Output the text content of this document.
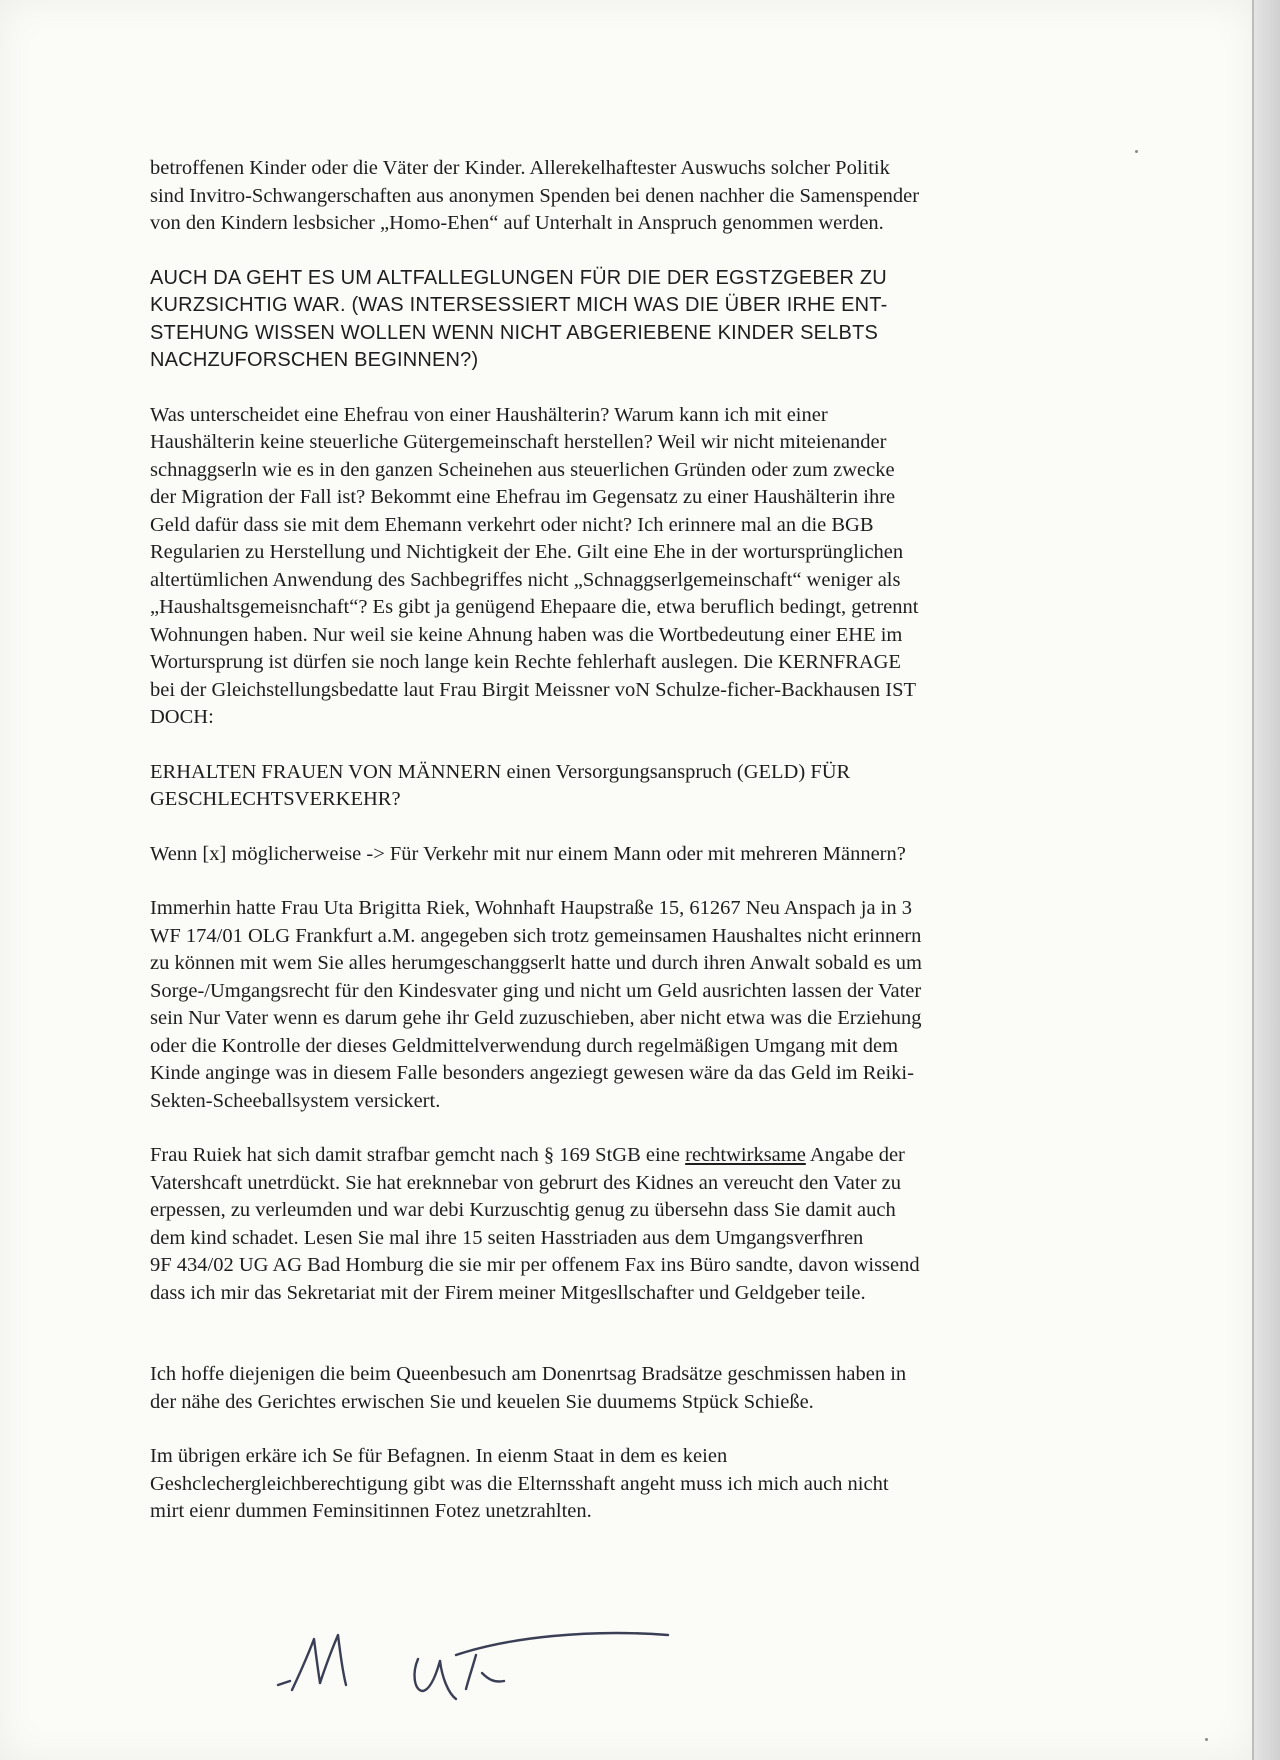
betroffenen Kinder oder die Väter der Kinder. Allerekelhaftester Auswuchs solcher Politik
sind Invitro-Schwangerschaften aus anonymen Spenden bei denen nachher die Samenspender
von den Kindern lesbsicher „Homo-Ehen“ auf Unterhalt in Anspruch genommen werden.

AUCH DA GEHT ES UM ALTFALLEGLUNGEN FÜR DIE DER EGSTZGEBER ZU
KURZSICHTIG WAR. (WAS INTERSESSIERT MICH WAS DIE ÜBER IRHE ENT-
STEHUNG WISSEN WOLLEN WENN NICHT ABGERIEBENE KINDER SELBTS
NACHZUFORSCHEN BEGINNEN?)

Was unterscheidet eine Ehefrau von einer Haushälterin? Warum kann ich mit einer
Haushälterin keine steuerliche Gütergemeinschaft herstellen? Weil wir nicht miteienander
schnaggserln wie es in den ganzen Scheinehen aus steuerlichen Gründen oder zum zwecke
der Migration der Fall ist? Bekommt eine Ehefrau im Gegensatz zu einer Haushälterin ihre
Geld dafür dass sie mit dem Ehemann verkehrt oder nicht? Ich erinnere mal an die BGB
Regularien zu Herstellung und Nichtigkeit der Ehe. Gilt eine Ehe in der wortursprünglichen
altertümlichen Anwendung des Sachbegriffes nicht „Schnaggserlgemeinschaft“ weniger als
„Haushaltsgemeisnchaft“? Es gibt ja genügend Ehepaare die, etwa beruflich bedingt, getrennt
Wohnungen haben. Nur weil sie keine Ahnung haben was die Wortbedeutung einer EHE im
Wortursprung ist dürfen sie noch lange kein Rechte fehlerhaft auslegen. Die KERNFRAGE
bei der Gleichstellungsbedatte laut Frau Birgit Meissner voN Schulze-ficher-Backhausen IST
DOCH:

ERHALTEN FRAUEN VON MÄNNERN einen Versorgungsanspruch (GELD) FÜR
GESCHLECHTSVERKEHR?

Wenn [x] möglicherweise -> Für Verkehr mit nur einem Mann oder mit mehreren Männern?

Immerhin hatte Frau Uta Brigitta Riek, Wohnhaft Haupstraße 15, 61267 Neu Anspach ja in 3
WF 174/01 OLG Frankfurt a.M. angegeben sich trotz gemeinsamen Haushaltes nicht erinnern
zu können mit wem Sie alles herumgeschanggserlt hatte und durch ihren Anwalt sobald es um
Sorge-/Umgangsrecht für den Kindesvater ging und nicht um Geld ausrichten lassen der Vater
sein Nur Vater wenn es darum gehe ihr Geld zuzuschieben, aber nicht etwa was die Erziehung
oder die Kontrolle der dieses Geldmittelverwendung durch regelmäßigen Umgang mit dem
Kinde anginge was in diesem Falle besonders angeziegt gewesen wäre da das Geld im Reiki-
Sekten-Scheeballsystem versickert.

Frau Ruiek hat sich damit strafbar gemcht nach § 169 StGB eine rechtwirksame Angabe der
Vatershcaft unetrdückt. Sie hat ereknnebar von gebrurt des Kidnes an vereucht den Vater zu
erpessen, zu verleumden und war debi Kurzuschtig genug zu übersehn dass Sie damit auch
dem kind schadet. Lesen Sie mal ihre 15 seiten Hasstriaden aus dem Umgangsverfhren
9F 434/02 UG AG Bad Homburg die sie mir per offenem Fax ins Büro sandte, davon wissend
dass ich mir das Sekretariat mit der Firem meiner Mitgesllschafter und Geldgeber teile.

Ich hoffe diejenigen die beim Queenbesuch am Donenrtsag Bradsätze geschmissen haben in
der nähe des Gerichtes erwischen Sie und keuelen Sie duumems Stpück Schieße.

Im übrigen erkäre ich Se für Befagnen. In eienm Staat in dem es keien
Geshclechergleichberechtigung gibt was die Elternsshaft angeht muss ich mich auch nicht
mirt eienr dummen Feminsitinnen Fotez unetzrahlten.
